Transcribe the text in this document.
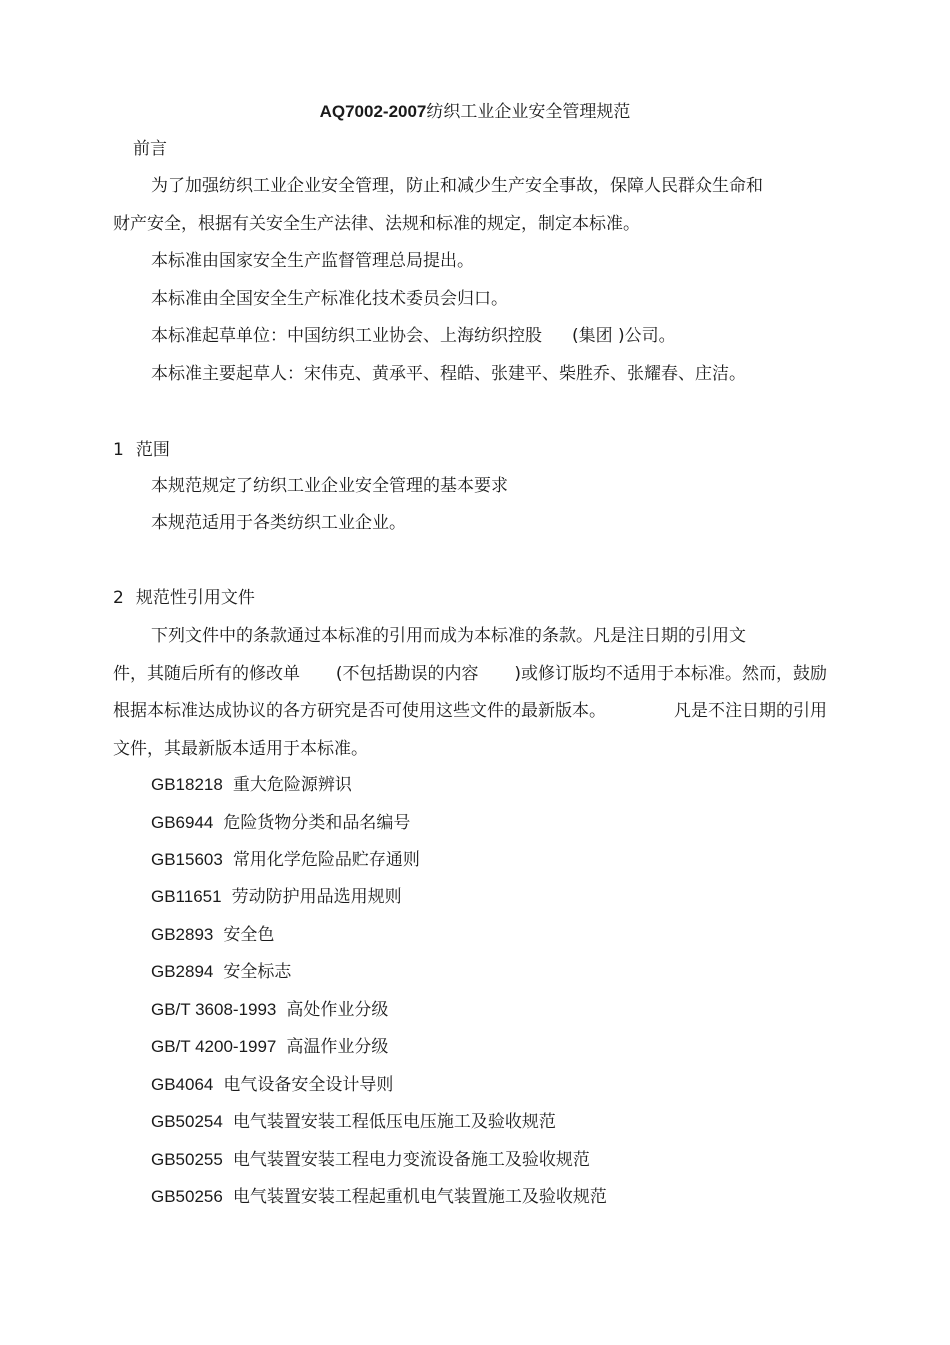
AQ7002-2007纺织工业企业安全管理规范
前言
为了加强纺织工业企业安全管理，防止和减少生产安全事故，保障人民群众生命和
财产安全，根据有关安全生产法律、法规和标准的规定，制定本标准。
本标准由国家安全生产监督管理总局提出。
本标准由全国安全生产标准化技术委员会归口。
本标准起草单位：中国纺织工业协会、上海纺织控股 (集团 )公司。
本标准主要起草人：宋伟克、黄承平、程皓、张建平、柴胜乔、张耀春、庄洁。
1 范围
本规范规定了纺织工业企业安全管理的基本要求
本规范适用于各类纺织工业企业。
2 规范性引用文件
下列文件中的条款通过本标准的引用而成为本标准的条款。凡是注日期的引用文
件，其随后所有的修改单 (不包括勘误的内容 )或修订版均不适用于本标准。然而，鼓励
根据本标准达成协议的各方研究是否可使用这些文件的最新版本。	凡是不注日期的引用
文件，其最新版本适用于本标准。
GB18218 重大危险源辨识
GB6944 危险货物分类和品名编号
GB15603 常用化学危险品贮存通则
GB11651 劳动防护用品选用规则
GB2893 安全色
GB2894 安全标志
GB/T 3608-1993 高处作业分级
GB/T 4200-1997 高温作业分级
GB4064 电气设备安全设计导则
GB50254 电气装置安装工程低压电压施工及验收规范
GB50255 电气装置安装工程电力变流设备施工及验收规范
GB50256 电气装置安装工程起重机电气装置施工及验收规范
